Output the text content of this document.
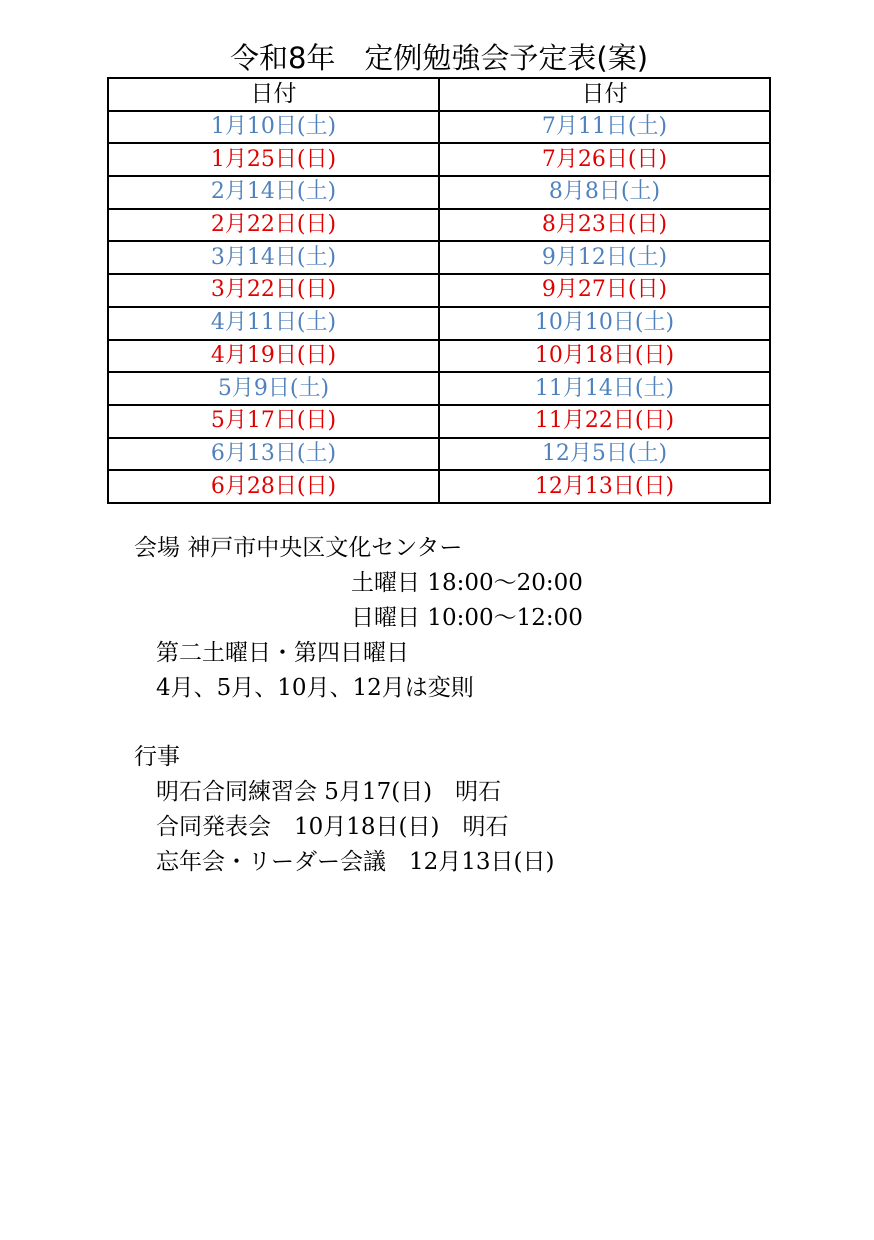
令和8年　定例勉強会予定表(案)
日付	日付
1月10日(土)	7月11日(土)
1月25日(日)	7月26日(日)
2月14日(土)	8月8日(土)
2月22日(日)	8月23日(日)
3月14日(土)	9月12日(土)
3月22日(日)	9月27日(日)
4月11日(土)	10月10日(土)
4月19日(日)	10月18日(日)
5月9日(土)	11月14日(土)
5月17日(日)	11月22日(日)
6月13日(土)	12月5日(土)
6月28日(日)	12月13日(日)
会場 神戸市中央区文化センター
土曜日 18:00～20:00
日曜日 10:00～12:00
第二土曜日・第四日曜日
4月、5月、10月、12月は変則
行事
明石合同練習会 5月17(日)　明石
合同発表会　10月18日(日)　明石
忘年会・リーダー会議　12月13日(日)
